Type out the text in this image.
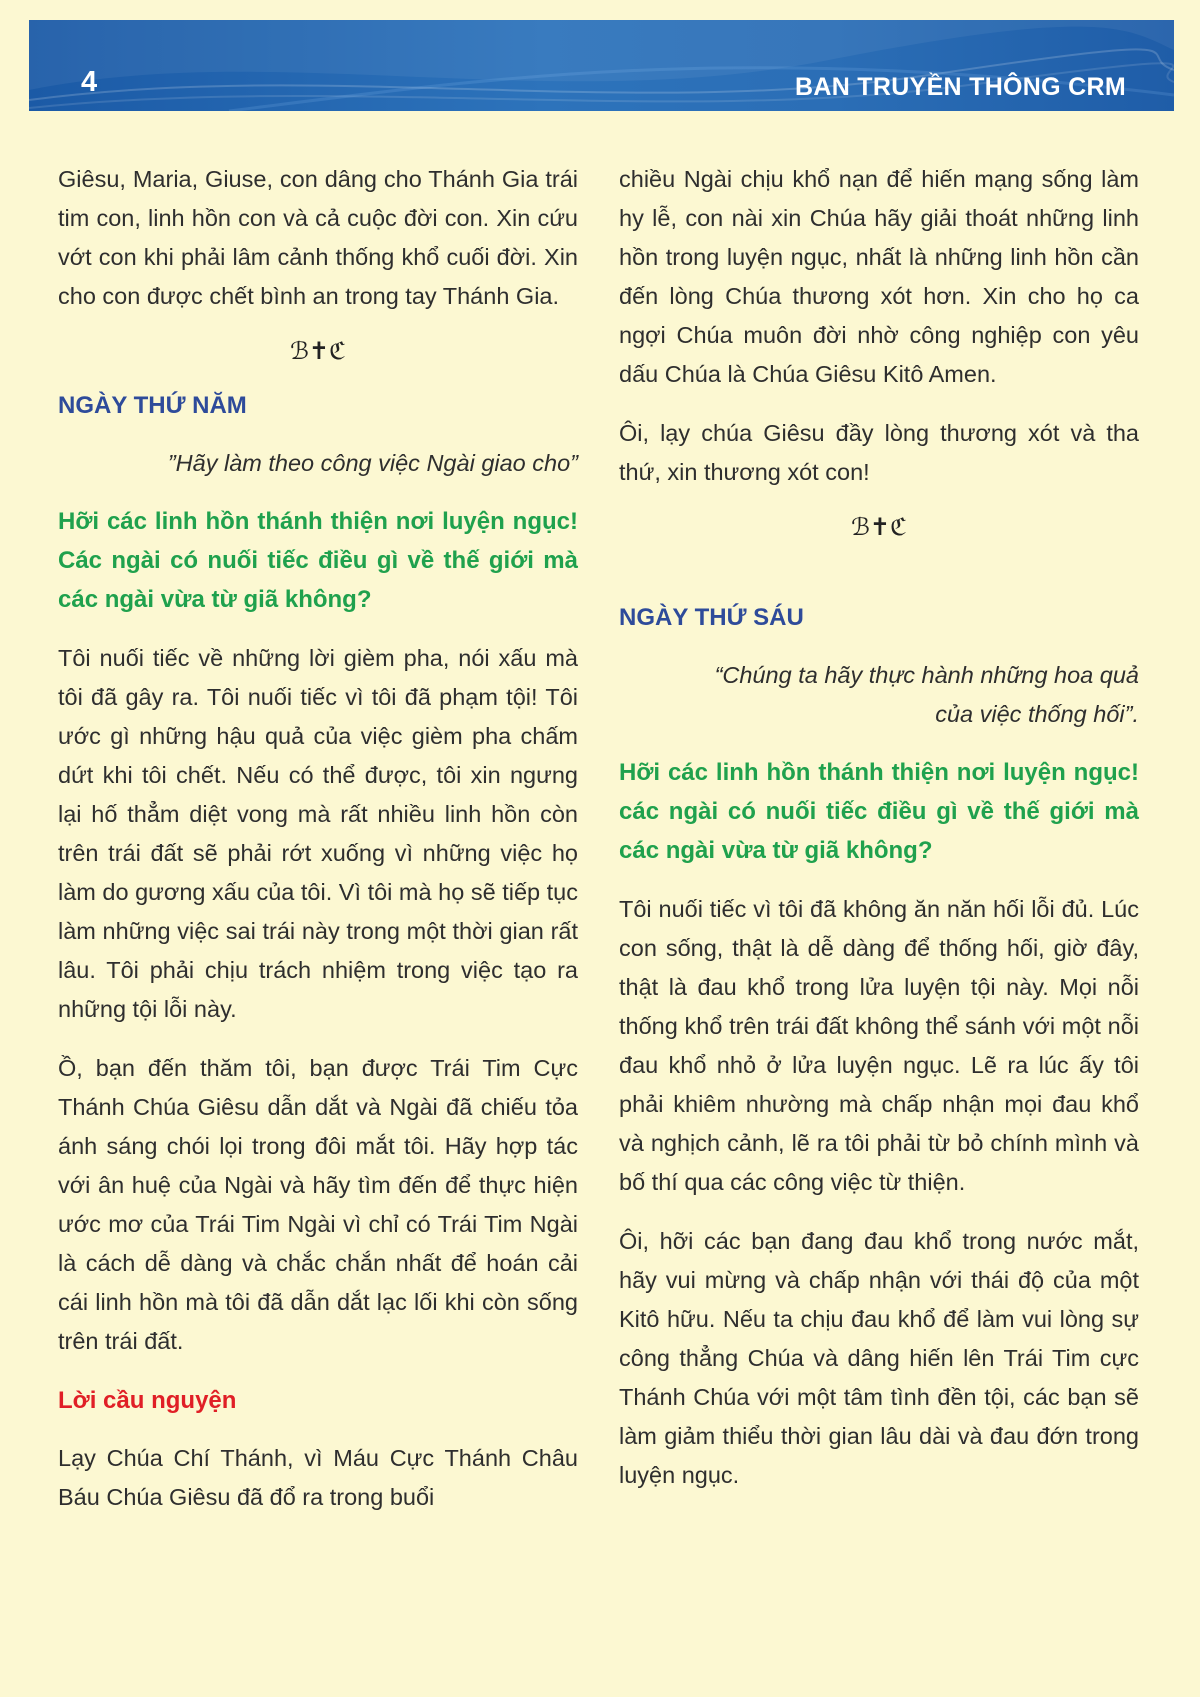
4	BAN TRUYỀN THÔNG CRM

Giêsu, Maria, Giuse, con dâng cho Thánh Gia trái tim con, linh hồn con và cả cuộc đời con. Xin cứu vớt con khi phải lâm cảnh thống khổ cuối đời. Xin cho con được chết bình an trong tay Thánh Gia.

ℬ✝ℭ
NGÀY THỨ NĂM
”Hãy làm theo công việc Ngài giao cho”
Hỡi các linh hồn thánh thiện nơi luyện ngục! Các ngài có nuối tiếc điều gì về thế giới mà các ngài vừa từ giã không?

Tôi nuối tiếc về những lời gièm pha, nói xấu mà tôi đã gây ra. Tôi nuối tiếc vì tôi đã phạm tội! Tôi ước gì những hậu quả của việc gièm pha chấm dứt khi tôi chết. Nếu có thể được, tôi xin ngưng lại hố thẳm diệt vong mà rất nhiều linh hồn còn trên trái đất sẽ phải rớt xuống vì những việc họ làm do gương xấu của tôi. Vì tôi mà họ sẽ tiếp tục làm những việc sai trái này trong một thời gian rất lâu. Tôi phải chịu trách nhiệm trong việc tạo ra những tội lỗi này.

Ồ, bạn đến thăm tôi, bạn được Trái Tim Cực Thánh Chúa Giêsu dẫn dắt và Ngài đã chiếu tỏa ánh sáng chói lọi trong đôi mắt tôi. Hãy hợp tác với ân huệ của Ngài và hãy tìm đến để thực hiện ước mơ của Trái Tim Ngài vì chỉ có Trái Tim Ngài là cách dễ dàng và chắc chắn nhất để hoán cải cái linh hồn mà tôi đã dẫn dắt lạc lối khi còn sống trên trái đất.

Lời cầu nguyện

Lạy Chúa Chí Thánh, vì Máu Cực Thánh Châu Báu Chúa Giêsu đã đổ ra trong buổi

chiều Ngài chịu khổ nạn để hiến mạng sống làm hy lễ, con nài xin Chúa hãy giải thoát những linh hồn trong luyện ngục, nhất là những linh hồn cần đến lòng Chúa thương xót hơn. Xin cho họ ca ngợi Chúa muôn đời nhờ công nghiệp con yêu dấu Chúa là Chúa Giêsu Kitô Amen.

Ôi, lạy chúa Giêsu đầy lòng thương xót và tha thứ, xin thương xót con!

ℬ✝ℭ
NGÀY THỨ SÁU
“Chúng ta hãy thực hành những hoa quả
của việc thống hối”.
Hỡi các linh hồn thánh thiện nơi luyện ngục! các ngài có nuối tiếc điều gì về thế giới mà các ngài vừa từ giã không?

Tôi nuối tiếc vì tôi đã không ăn năn hối lỗi đủ. Lúc con sống, thật là dễ dàng để thống hối, giờ đây, thật là đau khổ trong lửa luyện tội này. Mọi nỗi thống khổ trên trái đất không thể sánh với một nỗi đau khổ nhỏ ở lửa luyện ngục. Lẽ ra lúc ấy tôi phải khiêm nhường mà chấp nhận mọi đau khổ và nghịch cảnh, lẽ ra tôi phải từ bỏ chính mình và bố thí qua các công việc từ thiện.

Ôi, hỡi các bạn đang đau khổ trong nước mắt, hãy vui mừng và chấp nhận với thái độ của một Kitô hữu. Nếu ta chịu đau khổ để làm vui lòng sự công thẳng Chúa và dâng hiến lên Trái Tim cực Thánh Chúa với một tâm tình đền tội, các bạn sẽ làm giảm thiểu thời gian lâu dài và đau đớn trong luyện ngục.
